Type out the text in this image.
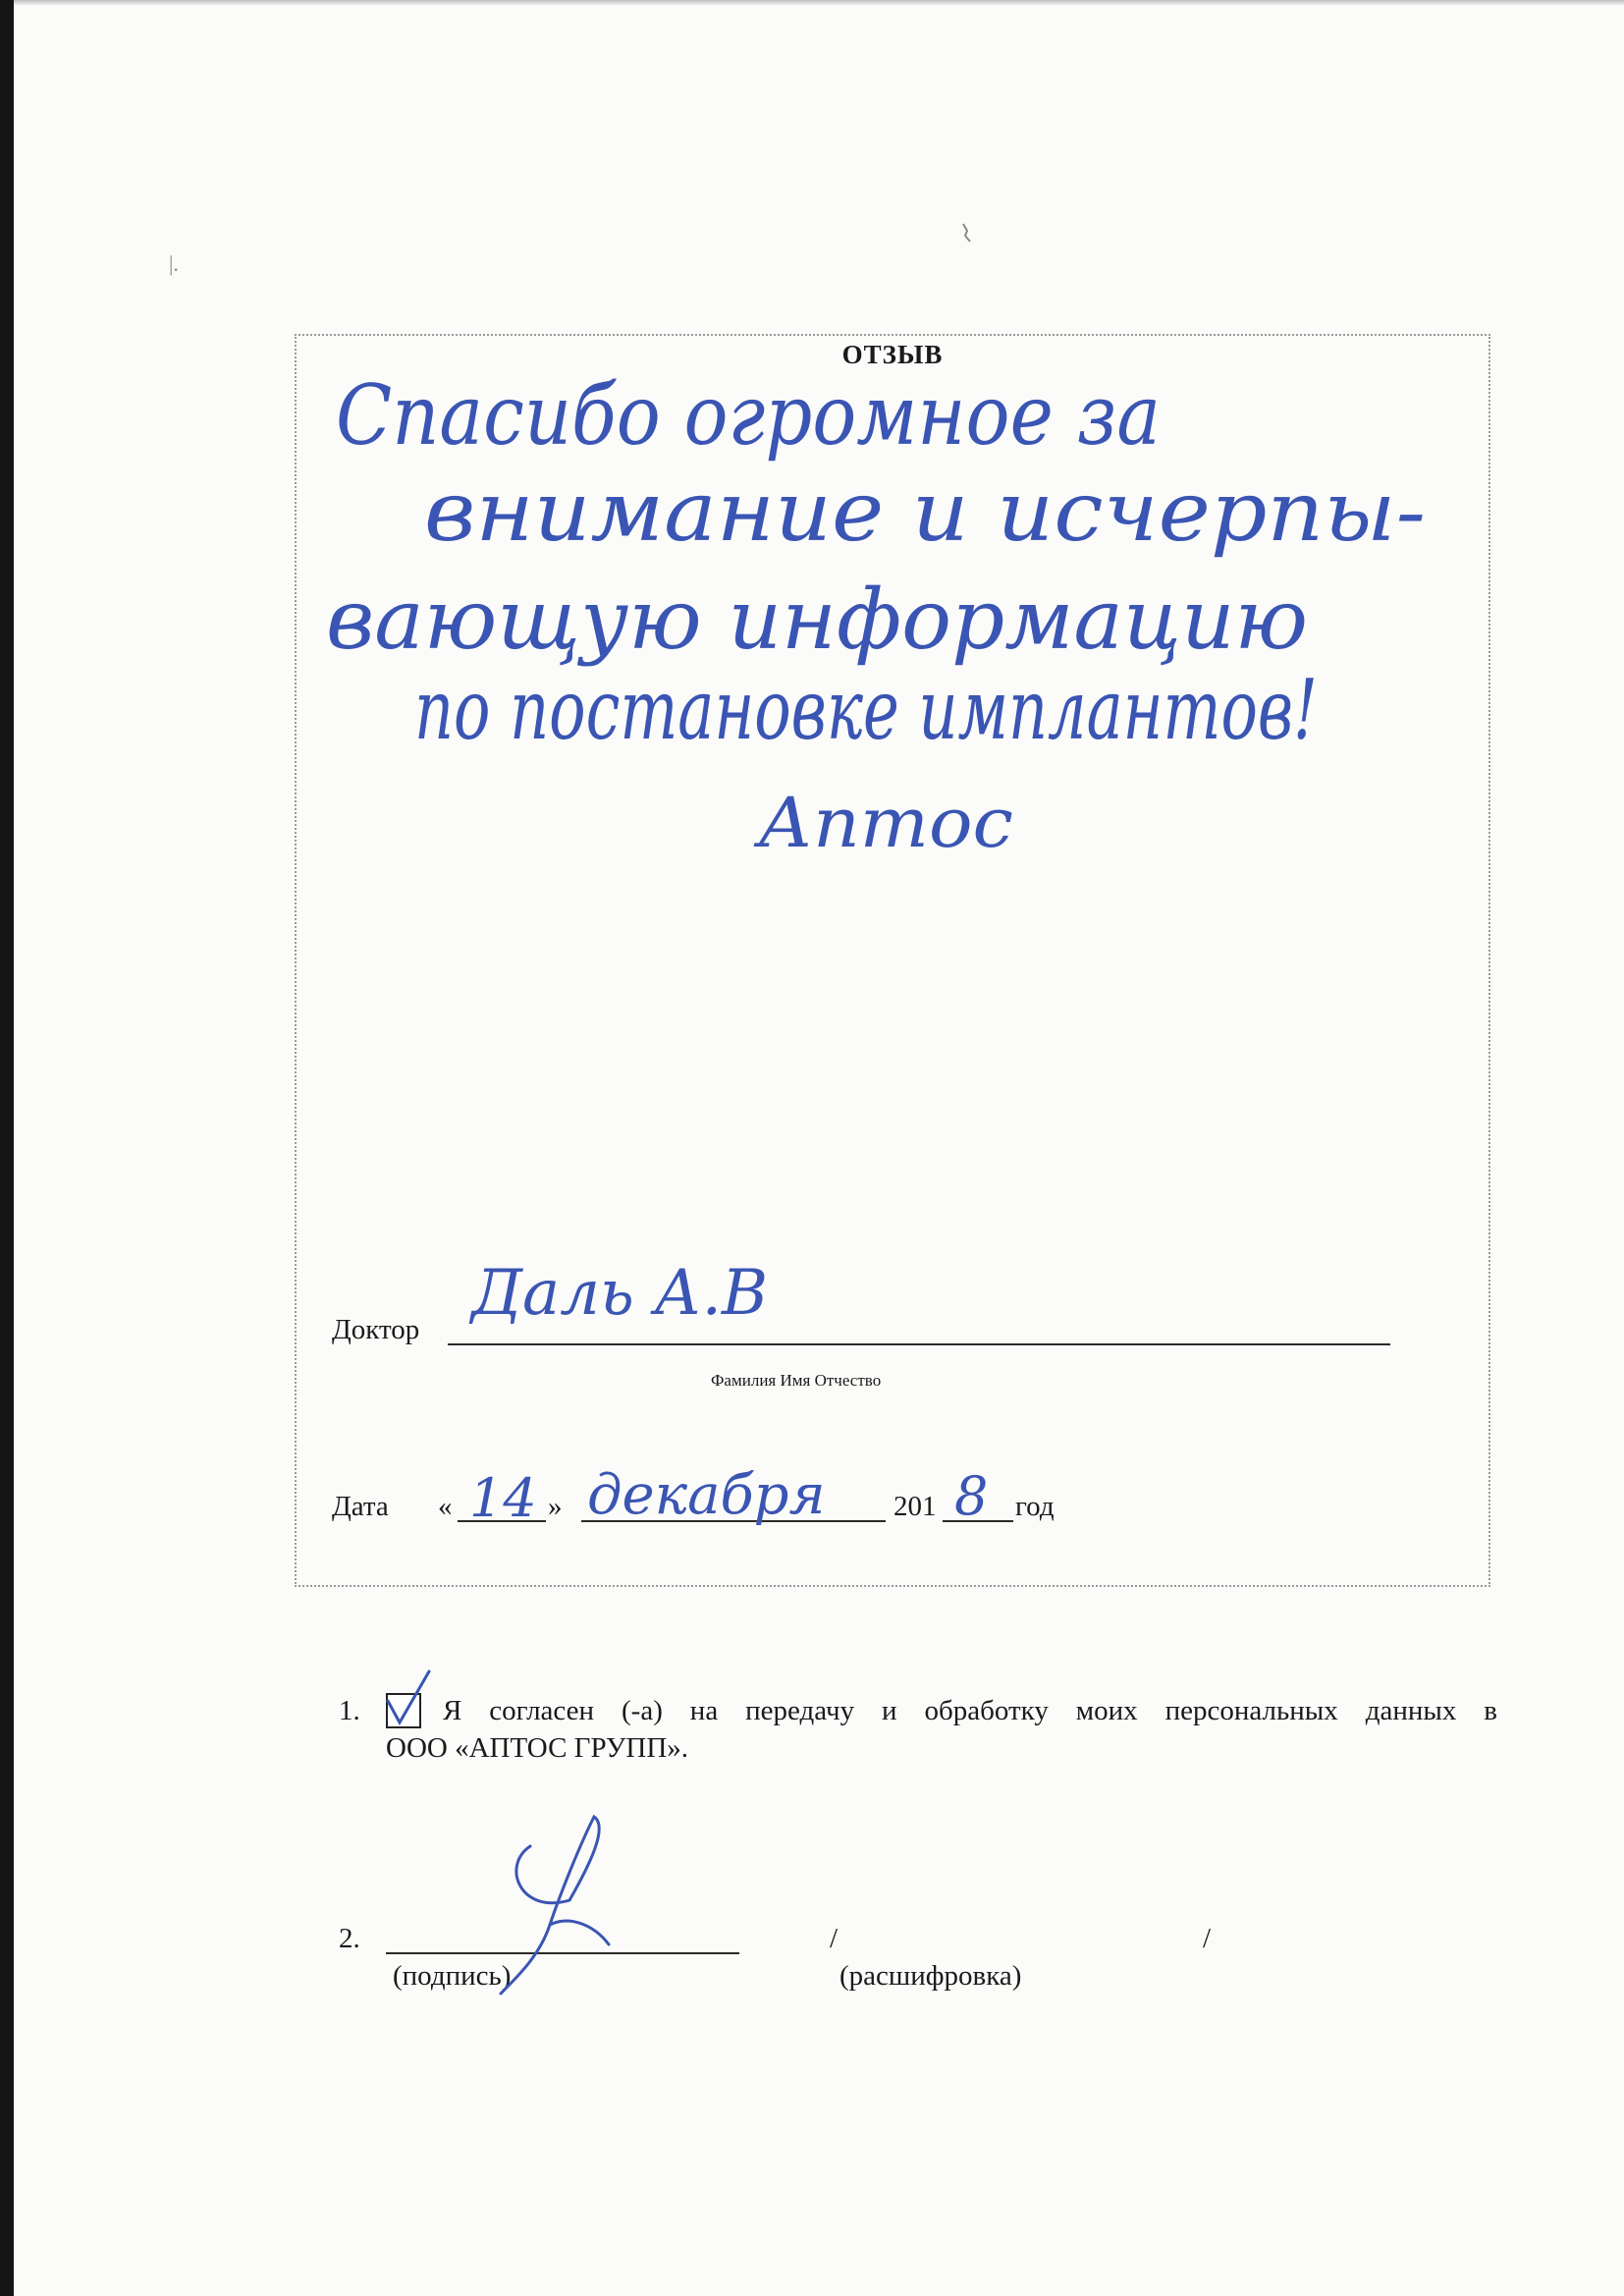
|.
ОТЗЫВ
Спасибо огромное за
внимание и исчерпы-
вающую информацию
по постановке имплантов!
Аптос
Доктор Даль А.В
Фамилия Имя Отчество
Дата « 14 » декабря 201 8 год
1.	Я согласен (-а) на передачу и обработку моих персональных данных в
ООО «АПТОС ГРУПП».
2.	/	/
(подпись)	(расшифровка)
